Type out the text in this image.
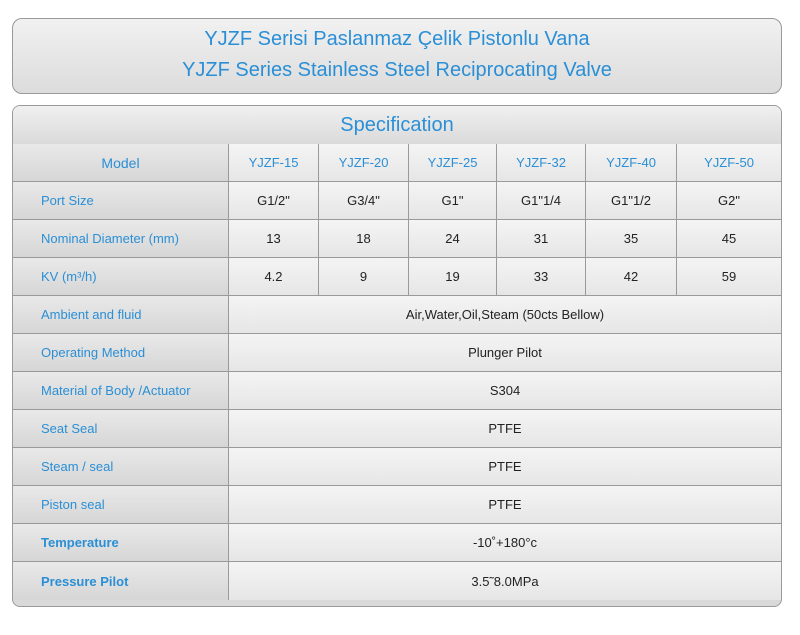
YJZF Serisi Paslanmaz Çelik Pistonlu Vana
YJZF Series Stainless Steel Reciprocating Valve
Specification
Model	YJZF-15	YJZF-20	YJZF-25	YJZF-32	YJZF-40	YJZF-50
Port Size	G1/2"	G3/4"	G1"	G1"1/4	G1"1/2	G2"
Nominal Diameter (mm)	13	18	24	31	35	45
KV (m³/h)	4.2	9	19	33	42	59
Ambient and fluid	Air,Water,Oil,Steam (50cts Bellow)
Operating Method	Plunger Pilot
Material of Body /Actuator	S304
Seat Seal	PTFE
Steam / seal	PTFE
Piston seal	PTFE
Temperature	-10˚+180°c
Pressure Pilot	3.5˜8.0MPa
